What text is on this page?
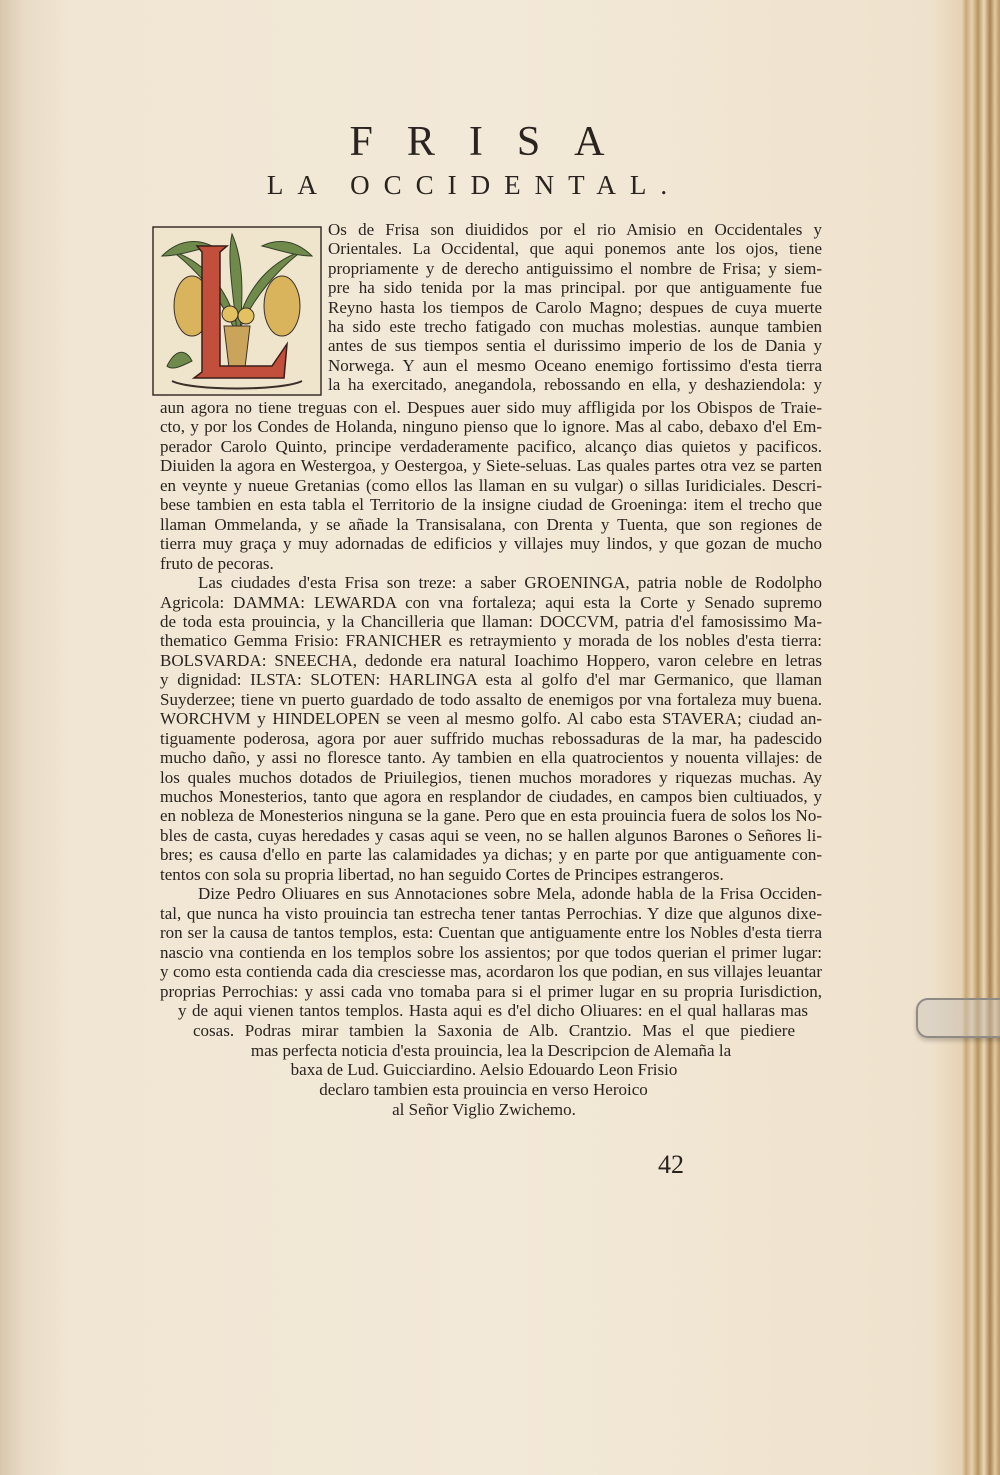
FRISA
LA OCCIDENTAL.
Os de Frisa son diuididos por el rio Amisio en Occidentales y
Orientales. La Occidental, que aqui ponemos ante los ojos, tiene
propriamente y de derecho antiguissimo el nombre de Frisa; y siem-
pre ha sido tenida por la mas principal. por que antiguamente fue
Reyno hasta los tiempos de Carolo Magno; despues de cuya muerte
ha sido este trecho fatigado con muchas molestias. aunque tambien
antes de sus tiempos sentia el durissimo imperio de los de Dania y
Norwega. Y aun el mesmo Oceano enemigo fortissimo d'esta tierra
la ha exercitado, anegandola, rebossando en ella, y deshaziendola: y
aun agora no tiene treguas con el. Despues auer sido muy affligida por los Obispos de Traie-
cto, y por los Condes de Holanda, ninguno pienso que lo ignore. Mas al cabo, debaxo d'el Em-
perador Carolo Quinto, principe verdaderamente pacifico, alcanço dias quietos y pacificos.
Diuiden la agora en Westergoa, y Oestergoa, y Siete-seluas. Las quales partes otra vez se parten
en veynte y nueue Gretanias (como ellos las llaman en su vulgar) o sillas Iuridiciales. Descri-
bese tambien en esta tabla el Territorio de la insigne ciudad de Groeninga: item el trecho que
llaman Ommelanda, y se añade la Transisalana, con Drenta y Tuenta, que son regiones de
tierra muy graça y muy adornadas de edificios y villajes muy lindos, y que gozan de mucho
fruto de pecoras.
Las ciudades d'esta Frisa son treze: a saber GROENINGA, patria noble de Rodolpho
Agricola: DAMMA: LEWARDA con vna fortaleza; aqui esta la Corte y Senado supremo
de toda esta prouincia, y la Chancilleria que llaman: DOCCVM, patria d'el famosissimo Ma-
thematico Gemma Frisio: FRANICHER es retraymiento y morada de los nobles d'esta tierra:
BOLSVARDA: SNEECHA, dedonde era natural Ioachimo Hoppero, varon celebre en letras
y dignidad: ILSTA: SLOTEN: HARLINGA esta al golfo d'el mar Germanico, que llaman
Suyderzee; tiene vn puerto guardado de todo assalto de enemigos por vna fortaleza muy buena.
WORCHVM y HINDELOPEN se veen al mesmo golfo. Al cabo esta STAVERA; ciudad an-
tiguamente poderosa, agora por auer suffrido muchas rebossaduras de la mar, ha padescido
mucho daño, y assi no floresce tanto. Ay tambien en ella quatrocientos y nouenta villajes: de
los quales muchos dotados de Priuilegios, tienen muchos moradores y riquezas muchas. Ay
muchos Monesterios, tanto que agora en resplandor de ciudades, en campos bien cultiuados, y
en nobleza de Monesterios ninguna se la gane. Pero que en esta prouincia fuera de solos los No-
bles de casta, cuyas heredades y casas aqui se veen, no se hallen algunos Barones o Señores li-
bres; es causa d'ello en parte las calamidades ya dichas; y en parte por que antiguamente con-
tentos con sola su propria libertad, no han seguido Cortes de Principes estrangeros.
Dize Pedro Oliuares en sus Annotaciones sobre Mela, adonde habla de la Frisa Occiden-
tal, que nunca ha visto prouincia tan estrecha tener tantas Perrochias. Y dize que algunos dixe-
ron ser la causa de tantos templos, esta: Cuentan que antiguamente entre los Nobles d'esta tierra
nascio vna contienda en los templos sobre los assientos; por que todos querian el primer lugar:
y como esta contienda cada dia cresciesse mas, acordaron los que podian, en sus villajes leuantar
proprias Perrochias: y assi cada vno tomaba para si el primer lugar en su propria Iurisdiction,
y de aqui vienen tantos templos. Hasta aqui es d'el dicho Oliuares: en el qual hallaras mas
cosas. Podras mirar tambien la Saxonia de Alb. Crantzio. Mas el que piediere
mas perfecta noticia d'esta prouincia, lea la Descripcion de Alemaña la
baxa de Lud. Guicciardino. Aelsio Edouardo Leon Frisio
declaro tambien esta prouincia en verso Heroico
al Señor Viglio Zwichemo.
42
